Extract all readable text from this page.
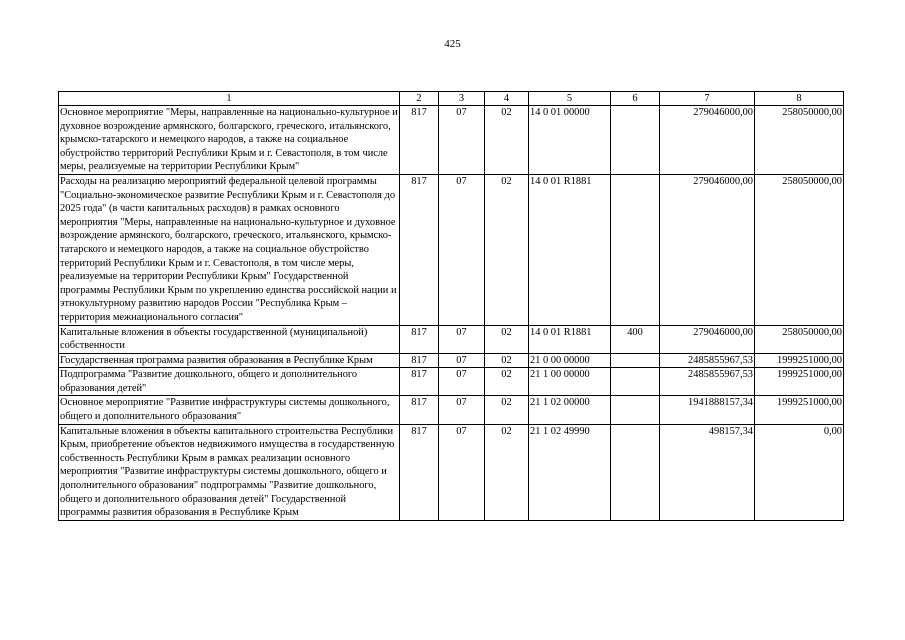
425
1	2	3	4	5	6	7	8
Основное мероприятие "Меры, направленные на национально-культурное и духовное возрождение армянского, болгарского, греческого, итальянского, крымско-татарского и немецкого народов, а также на социальное обустройство территорий Республики Крым и г. Севастополя, в том числе меры, реализуемые на территории Республики Крым"	817	07	02	14 0 01 00000		279046000,00	258050000,00
Расходы на реализацию мероприятий федеральной целевой программы "Социально-экономическое развитие Республики Крым и г. Севастополя до 2025 года" (в части капитальных расходов) в рамках основного мероприятия "Меры, направленные на национально-культурное и духовное возрождение армянского, болгарского, греческого, итальянского, крымско-татарского и немецкого народов, а также на социальное обустройство территорий Республики Крым и г. Севастополя, в том числе меры, реализуемые на территории Республики Крым" Государственной программы Республики Крым по укреплению единства российской нации и этнокультурному развитию народов России "Республика Крым – территория межнационального согласия"	817	07	02	14 0 01 R1881		279046000,00	258050000,00
Капитальные вложения в объекты государственной (муниципальной) собственности	817	07	02	14 0 01 R1881	400	279046000,00	258050000,00
Государственная программа развития образования в Республике Крым	817	07	02	21 0 00 00000		2485855967,53	1999251000,00
Подпрограмма "Развитие дошкольного, общего и дополнительного образования детей"	817	07	02	21 1 00 00000		2485855967,53	1999251000,00
Основное мероприятие "Развитие инфраструктуры системы дошкольного, общего и дополнительного образования"	817	07	02	21 1 02 00000		1941888157,34	1999251000,00
Капитальные вложения в объекты капитального строительства Республики Крым, приобретение объектов недвижимого имущества в государственную собственность Республики Крым в рамках реализации основного мероприятия "Развитие инфраструктуры системы дошкольного, общего и дополнительного образования" подпрограммы "Развитие дошкольного, общего и дополнительного образования детей" Государственной программы развития образования в Республике Крым	817	07	02	21 1 02 49990		498157,34	0,00
